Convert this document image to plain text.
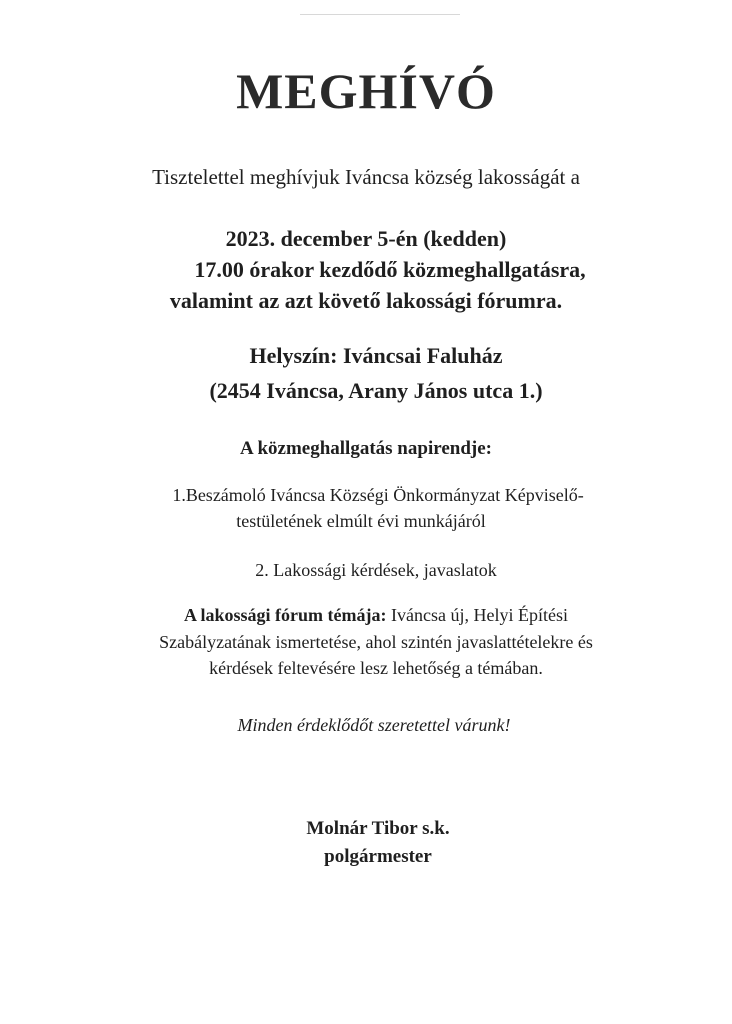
MEGHÍVÓ
Tisztelettel meghívjuk Iváncsa község lakosságát a
2023. december 5-én (kedden)
17.00 órakor kezdődő közmeghallgatásra,
valamint az azt követő lakossági fórumra.
Helyszín: Iváncsai Faluház
(2454 Iváncsa, Arany János utca 1.)
A közmeghallgatás napirendje:
1.Beszámoló Iváncsa Községi Önkormányzat Képviselő-
testületének elmúlt évi munkájáról
2. Lakossági kérdések, javaslatok
A lakossági fórum témája: Iváncsa új, Helyi Építési
Szabályzatának ismertetése, ahol szintén javaslattételekre és
kérdések feltevésére lesz lehetőség a témában.
Minden érdeklődőt szeretettel várunk!
Molnár Tibor s.k.
polgármester
